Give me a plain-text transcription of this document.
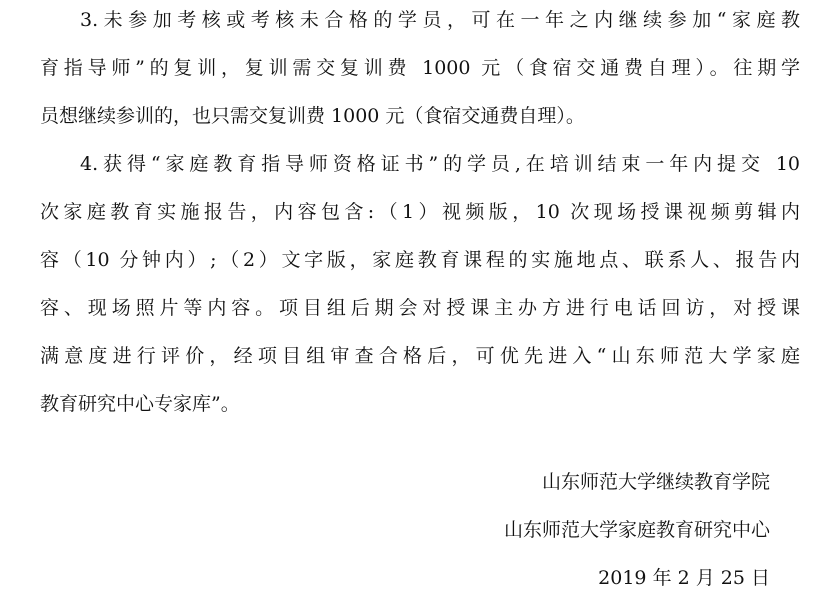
3.未参加考核或考核未合格的学员，可在一年之内继续参加“家庭教
育指导师”的复训，复训需交复训费 1000 元（食宿交通费自理）。往期学
员想继续参训的，也只需交复训费 1000 元（食宿交通费自理）。
4.获得“家庭教育指导师资格证书”的学员,在培训结束一年内提交 10
次家庭教育实施报告，内容包含:（1）视频版，10 次现场授课视频剪辑内
容（10 分钟内）;（2）文字版，家庭教育课程的实施地点、联系人、报告内
容、现场照片等内容。项目组后期会对授课主办方进行电话回访，对授课
满意度进行评价，经项目组审查合格后，可优先进入“山东师范大学家庭
教育研究中心专家库”。
山东师范大学继续教育学院
山东师范大学家庭教育研究中心
2019 年 2 月 25 日
